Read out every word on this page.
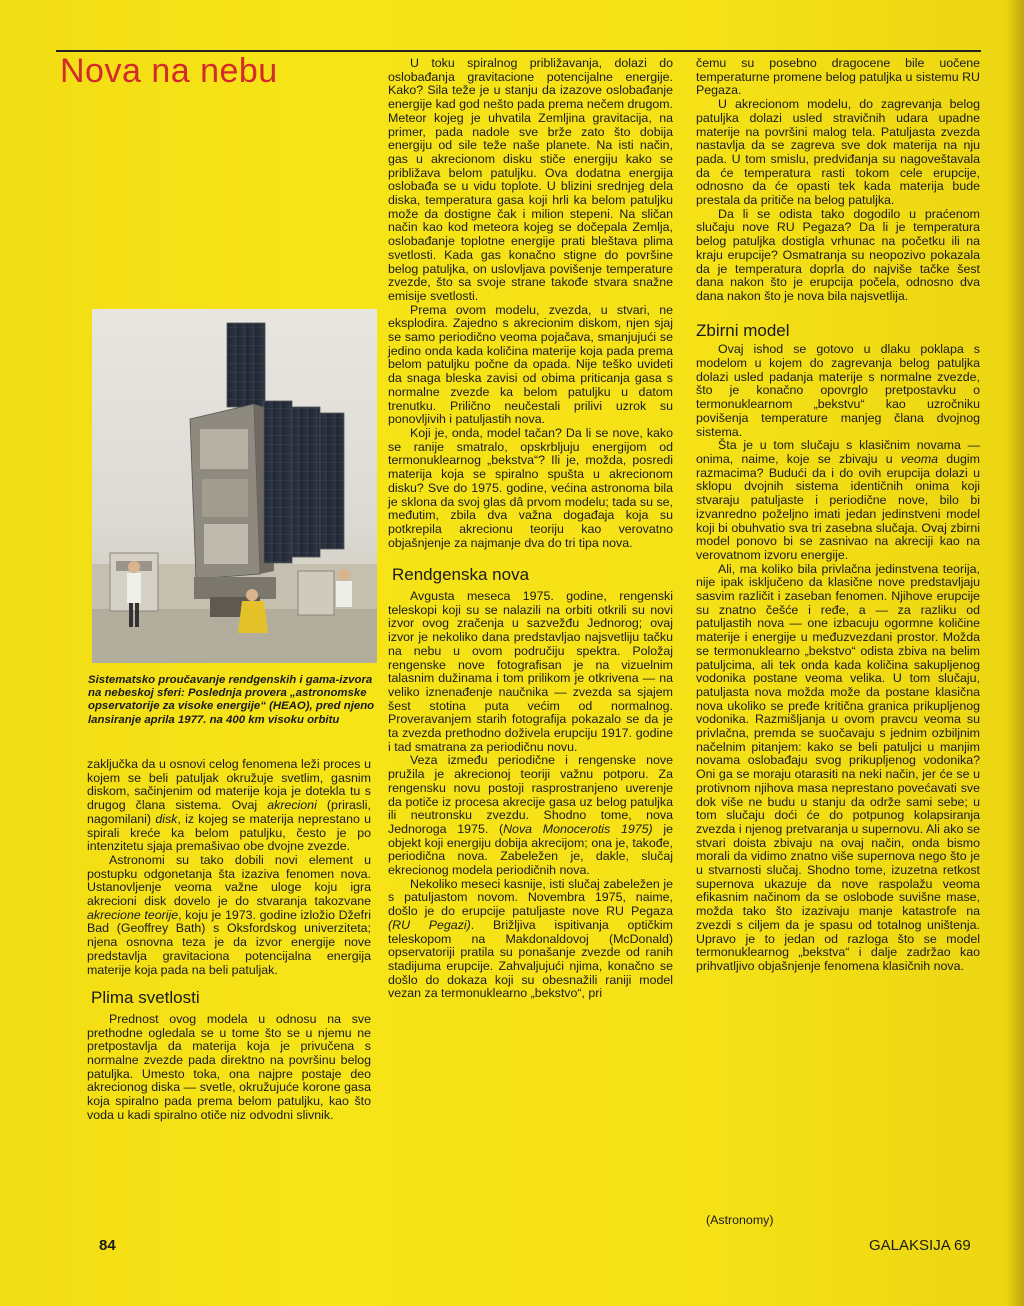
Nova na nebu
Sistematsko proučavanje rendgenskih i gama-izvora na nebeskoj sferi: Poslednja provera „astronomske opservatorije za visoke energije“ (HEAO), pred njeno lansiranje aprila 1977. na 400 km visoku orbitu

zaključka da u osnovi celog fenomena leži proces u kojem se beli patuljak okružuje svetlim, gasnim diskom, sačinjenim od materije koja je dotekla tu s drugog člana sistema. Ovaj akrecioni (prirasli, nagomilani) disk, iz kojeg se materija neprestano u spirali kreće ka belom patuljku, često je po intenzitetu sjaja premašivao obe dvojne zvezde.

Astronomi su tako dobili novi element u postupku odgonetanja šta izaziva fenomen nova. Ustanovljenje veoma važne uloge koju igra akrecioni disk dovelo je do stvaranja takozvane akrecione teorije, koju je 1973. godine izložio Džefri Bad (Geoffrey Bath) s Oksfordskog univerziteta; njena osnovna teza je da izvor energije nove predstavlja gravitaciona potencijalna energija materije koja pada na beli patuljak.

Plima svetlosti

Prednost ovog modela u odnosu na sve prethodne ogledala se u tome što se u njemu ne pretpostavlja da materija koja je privučena s normalne zvezde pada direktno na površinu belog patuljka. Umesto toka, ona najpre postaje deo akrecionog diska — svetle, okružujuće korone gasa koja spiralno pada prema belom patuljku, kao što voda u kadi spiralno otiče niz odvodni slivnik.

U toku spiralnog približavanja, dolazi do oslobađanja gravitacione potencijalne energije. Kako? Sila teže je u stanju da izazove oslobađanje energije kad god nešto pada prema nečem drugom. Meteor kojeg je uhvatila Zemljina gravitacija, na primer, pada nadole sve brže zato što dobija energiju od sile teže naše planete. Na isti način, gas u akrecionom disku stiče energiju kako se približava belom patuljku. Ova dodatna energija oslobađa se u vidu toplote. U blizini srednjeg dela diska, temperatura gasa koji hrli ka belom patuljku može da dostigne čak i milion stepeni. Na sličan način kao kod meteora kojeg se dočepala Zemlja, oslobađanje toplotne energije prati bleštava plima svetlosti. Kada gas konačno stigne do površine belog patuljka, on uslovljava povišenje temperature zvezde, što sa svoje strane takođe stvara snažne emisije svetlosti.

Prema ovom modelu, zvezda, u stvari, ne eksplodira. Zajedno s akrecionim diskom, njen sjaj se samo periodično veoma pojačava, smanjujući se jedino onda kada količina materije koja pada prema belom patuljku počne da opada. Nije teško uvideti da snaga bleska zavisi od obima priticanja gasa s normalne zvezde ka belom patuljku u datom trenutku. Prilično neučestali prilivi uzrok su ponovljivih i patuljastih nova.

Koji je, onda, model tačan? Da li se nove, kako se ranije smatralo, opskrbljuju energijom od termonuklearnog „bekstva“? Ili je, možda, posredi materija koja se spiralno spušta u akrecionom disku? Sve do 1975. godine, većina astronoma bila je sklona da svoj glas dâ prvom modelu; tada su se, međutim, zbila dva važna događaja koja su potkrepila akrecionu teoriju kao verovatno objašnjenje za najmanje dva do tri tipa nova.

Rendgenska nova

Avgusta meseca 1975. godine, rengenski teleskopi koji su se nalazili na orbiti otkrili su novi izvor ovog zračenja u sazvežđu Jednorog; ovaj izvor je nekoliko dana predstavljao najsvetliju tačku na nebu u ovom područiju spektra. Položaj rengenske nove fotografisan je na vizuelnim talasnim dužinama i tom prilikom je otkrivena — na veliko iznenađenje naučnika — zvezda sa sjajem šest stotina puta većim od normalnog. Proveravanjem starih fotografija pokazalo se da je ta zvezda prethodno doživela erupciju 1917. godine i tad smatrana za periodičnu novu.

Veza između periodične i rengenske nove pružila je akrecionoj teoriji važnu potporu. Za rengensku novu postoji rasprostranjeno uverenje da potiče iz procesa akrecije gasa uz belog patuljka ili neutronsku zvezdu. Shodno tome, nova Jednoroga 1975. (Nova Monocerotis 1975) je objekt koji energiju dobija akrecijom; ona je, takođe, periodična nova. Zabeležen je, dakle, slučaj ekrecionog modela periodičnih nova.

Nekoliko meseci kasnije, isti slučaj zabeležen je s patuljastom novom. Novembra 1975, naime, došlo je do erupcije patuljaste nove RU Pegaza (RU Pegazi). Brižljiva ispitivanja optičkim teleskopom na Makdonaldovoj (McDonald) opservatoriji pratila su ponašanje zvezde od ranih stadijuma erupcije. Zahvaljujući njima, konačno se došlo do dokaza koji su obesnažili raniji model vezan za termonuklearno „bekstvo“, pri

čemu su posebno dragocene bile uočene temperaturne promene belog patuljka u sistemu RU Pegaza.

U akrecionom modelu, do zagrevanja belog patuljka dolazi usled stravičnih udara upadne materije na površini malog tela. Patuljasta zvezda nastavlja da se zagreva sve dok materija na nju pada. U tom smislu, predviđanja su nagoveštavala da će temperatura rasti tokom cele erupcije, odnosno da će opasti tek kada materija bude prestala da pritiče na belog patuljka.

Da li se odista tako dogodilo u praćenom slučaju nove RU Pegaza? Da li je temperatura belog patuljka dostigla vrhunac na početku ili na kraju erupcije? Osmatranja su neopozivo pokazala da je temperatura doprla do najviše tačke šest dana nakon što je erupcija počela, odnosno dva dana nakon što je nova bila najsvetlija.

Zbirni model

Ovaj ishod se gotovo u dlaku poklapa s modelom u kojem do zagrevanja belog patuljka dolazi usled padanja materije s normalne zvezde, što je konačno opovrglo pretpostavku o termonuklearnom „bekstvu“ kao uzročniku povišenja temperature manjeg člana dvojnog sistema.

Šta je u tom slučaju s klasičnim novama — onima, naime, koje se zbivaju u veoma dugim razmacima? Budući da i do ovih erupcija dolazi u sklopu dvojnih sistema identičnih onima koji stvaraju patuljaste i periodične nove, bilo bi izvanredno poželjno imati jedan jedinstveni model koji bi obuhvatio sva tri zasebna slučaja. Ovaj zbirni model ponovo bi se zasnivao na akreciji kao na verovatnom izvoru energije.

Ali, ma koliko bila privlačna jedinstvena teorija, nije ipak isključeno da klasične nove predstavljaju sasvim različit i zaseban fenomen. Njihove erupcije su znatno češće i ređe, a — za razliku od patuljastih nova — one izbacuju ogormne količine materije i energije u međuzvezdani prostor. Možda se termonuklearno „bekstvo“ odista zbiva na belim patuljcima, ali tek onda kada količina sakupljenog vodonika postane veoma velika. U tom slučaju, patuljasta nova možda može da postane klasična nova ukoliko se pređe kritična granica prikupljenog vodonika. Razmišljanja u ovom pravcu veoma su privlačna, premda se suočavaju s jednim ozbiljnim načelnim pitanjem: kako se beli patuljci u manjim novama oslobađaju svog prikupljenog vodonika? Oni ga se moraju otarasiti na neki način, jer će se u protivnom njihova masa neprestano povećavati sve dok više ne budu u stanju da održe sami sebe; u tom slučaju doći će do potpunog kolapsiranja zvezda i njenog pretvaranja u supernovu. Ali ako se stvari doista zbivaju na ovaj način, onda bismo morali da vidimo znatno više supernova nego što je u stvarnosti slučaj. Shodno tome, izuzetna retkost supernova ukazuje da nove raspolažu veoma efikasnim načinom da se oslobode suvišne mase, možda tako što izazivaju manje katastrofe na zvezdi s ciljem da je spasu od totalnog uništenja. Upravo je to jedan od razloga što se model termonuklearnog „bekstva“ i dalje zadržao kao prihvatljivo objašnjenje fenomena klasičnih nova.

(Astronomy)
84	GALAKSIJA 69
